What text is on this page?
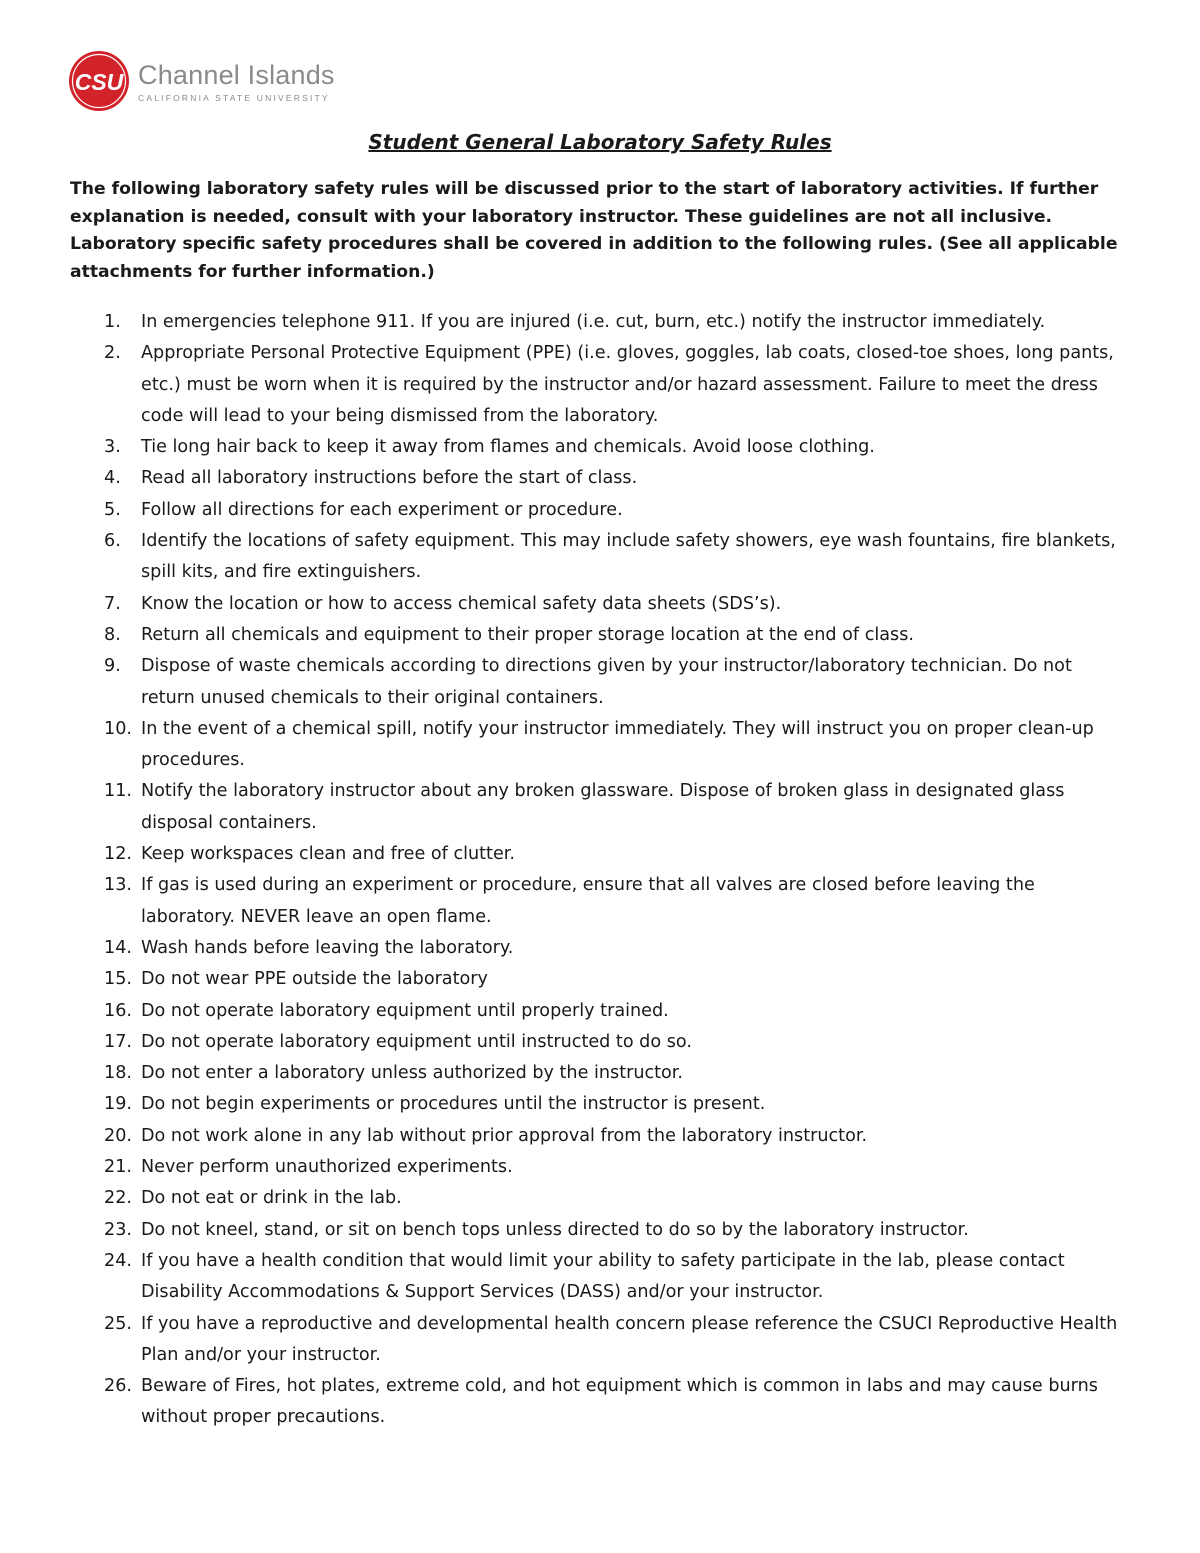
CSU Channel Islands
CALIFORNIA STATE UNIVERSITY
Student General Laboratory Safety Rules

The following laboratory safety rules will be discussed prior to the start of laboratory activities. If further explanation is needed, consult with your laboratory instructor. These guidelines are not all inclusive. Laboratory specific safety procedures shall be covered in addition to the following rules. (See all applicable attachments for further information.)

1. In emergencies telephone 911. If you are injured (i.e. cut, burn, etc.) notify the instructor immediately.
2. Appropriate Personal Protective Equipment (PPE) (i.e. gloves, goggles, lab coats, closed-toe shoes, long pants, etc.) must be worn when it is required by the instructor and/or hazard assessment. Failure to meet the dress code will lead to your being dismissed from the laboratory.
3. Tie long hair back to keep it away from flames and chemicals. Avoid loose clothing.
4. Read all laboratory instructions before the start of class.
5. Follow all directions for each experiment or procedure.
6. Identify the locations of safety equipment. This may include safety showers, eye wash fountains, fire blankets, spill kits, and fire extinguishers.
7. Know the location or how to access chemical safety data sheets (SDS’s).
8. Return all chemicals and equipment to their proper storage location at the end of class.
9. Dispose of waste chemicals according to directions given by your instructor/laboratory technician. Do not return unused chemicals to their original containers.
10. In the event of a chemical spill, notify your instructor immediately. They will instruct you on proper clean-up procedures.
11. Notify the laboratory instructor about any broken glassware. Dispose of broken glass in designated glass disposal containers.
12. Keep workspaces clean and free of clutter.
13. If gas is used during an experiment or procedure, ensure that all valves are closed before leaving the laboratory. NEVER leave an open flame.
14. Wash hands before leaving the laboratory.
15. Do not wear PPE outside the laboratory
16. Do not operate laboratory equipment until properly trained.
17. Do not operate laboratory equipment until instructed to do so.
18. Do not enter a laboratory unless authorized by the instructor.
19. Do not begin experiments or procedures until the instructor is present.
20. Do not work alone in any lab without prior approval from the laboratory instructor.
21. Never perform unauthorized experiments.
22. Do not eat or drink in the lab.
23. Do not kneel, stand, or sit on bench tops unless directed to do so by the laboratory instructor.
24. If you have a health condition that would limit your ability to safety participate in the lab, please contact Disability Accommodations & Support Services (DASS) and/or your instructor.
25. If you have a reproductive and developmental health concern please reference the CSUCI Reproductive Health Plan and/or your instructor.
26. Beware of Fires, hot plates, extreme cold, and hot equipment which is common in labs and may cause burns without proper precautions.
